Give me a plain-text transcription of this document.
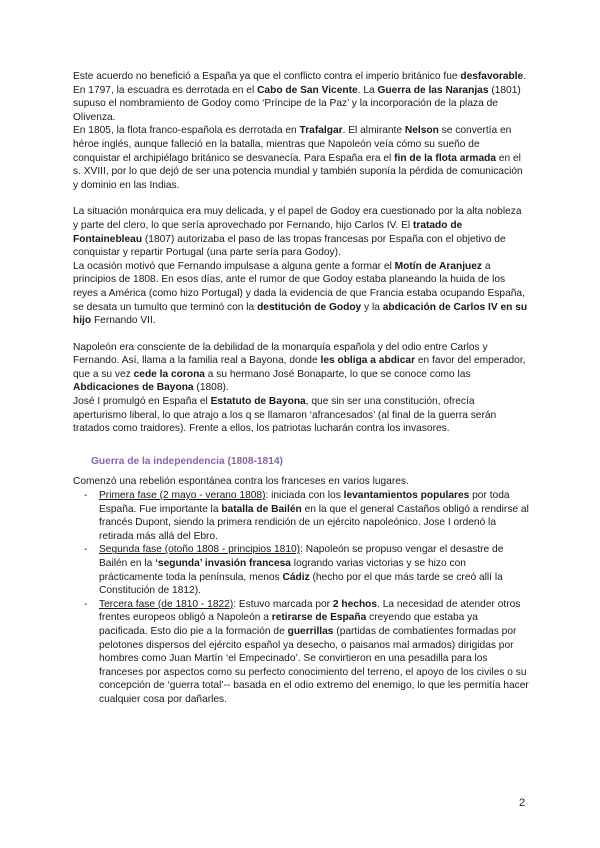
Este acuerdo no benefició a España ya que el conflicto contra el imperio británico fue desfavorable. En 1797, la escuadra es derrotada en el Cabo de San Vicente. La Guerra de las Naranjas (1801) supuso el nombramiento de Godoy como ‘Príncipe de la Paz’ y la incorporación de la plaza de Olivenza.

En 1805, la flota franco-española es derrotada en Trafalgar. El almirante Nelson se convertía en héroe inglés, aunque falleció en la batalla, mientras que Napoleón veía cómo su sueño de conquistar el archipiélago británico se desvanecía. Para España era el fin de la flota armada en el s. XVIII, por lo que dejó de ser una potencia mundial y también suponía la pérdida de comunicación y dominio en las Indias.

La situación monárquica era muy delicada, y el papel de Godoy era cuestionado por la alta nobleza y parte del clero, lo que sería aprovechado por Fernando, hijo Carlos IV. El tratado de Fontainebleau (1807) autorizaba el paso de las tropas francesas por España con el objetivo de conquistar y repartir Portugal (una parte sería para Godoy).

La ocasión motivó que Fernando impulsase a alguna gente a formar el Motín de Aranjuez a principios de 1808. En esos días, ante el rumor de que Godoy estaba planeando la huida de los reyes a América (como hizo Portugal) y dada la evidencia de que Francia estaba ocupando España, se desata un tumulto que terminó con la destitución de Godoy y la abdicación de Carlos IV en su hijo Fernando VII.

Napoleón era consciente de la debilidad de la monarquía española y del odio entre Carlos y Fernando. Así, llama a la familia real a Bayona, donde les obliga a abdicar en favor del emperador, que a su vez cede la corona a su hermano José Bonaparte, lo que se conoce como las Abdicaciones de Bayona (1808).

José I promulgó en España el Estatuto de Bayona, que sin ser una constitución, ofrecía aperturismo liberal, lo que atrajo a los q se llamaron ‘afrancesados’ (al final de la guerra serán tratados como traidores). Frente a ellos, los patriotas lucharán contra los invasores.

Guerra de la independencia (1808-1814)

Comenzó una rebelión espontánea contra los franceses en varios lugares.

- Primera fase (2 mayo - verano 1808): iniciada con los levantamientos populares por toda España. Fue importante la batalla de Bailén en la que el general Castaños obligó a rendirse al francés Dupont, siendo la primera rendición de un ejército napoleónico. Jose I ordenó la retirada más allá del Ebro.
- Segunda fase (otoño 1808 - principios 1810): Napoleón se propuso vengar el desastre de Bailén en la ‘segunda’ invasión francesa logrando varias victorias y se hizo con prácticamente toda la península, menos Cádiz (hecho por el que más tarde se creó allí la Constitución de 1812).
- Tercera fase (de 1810 - 1822): Estuvo marcada por 2 hechos. La necesidad de atender otros frentes europeos obligó a Napoleón a retirarse de España creyendo que estaba ya pacificada. Esto dio pie a la formación de guerrillas (partidas de combatientes formadas por pelotones dispersos del ejército español ya desecho, o paisanos mal armados) dirigidas por hombres como Juan Martín ‘el Empecinado’. Se convirtieron en una pesadilla para los franceses por aspectos como su perfecto conocimiento del terreno, el apoyo de los civiles o su concepción de ‘guerra total’-- basada en el odio extremo del enemigo, lo que les permitía hacer cualquier cosa por dañarles.
2
